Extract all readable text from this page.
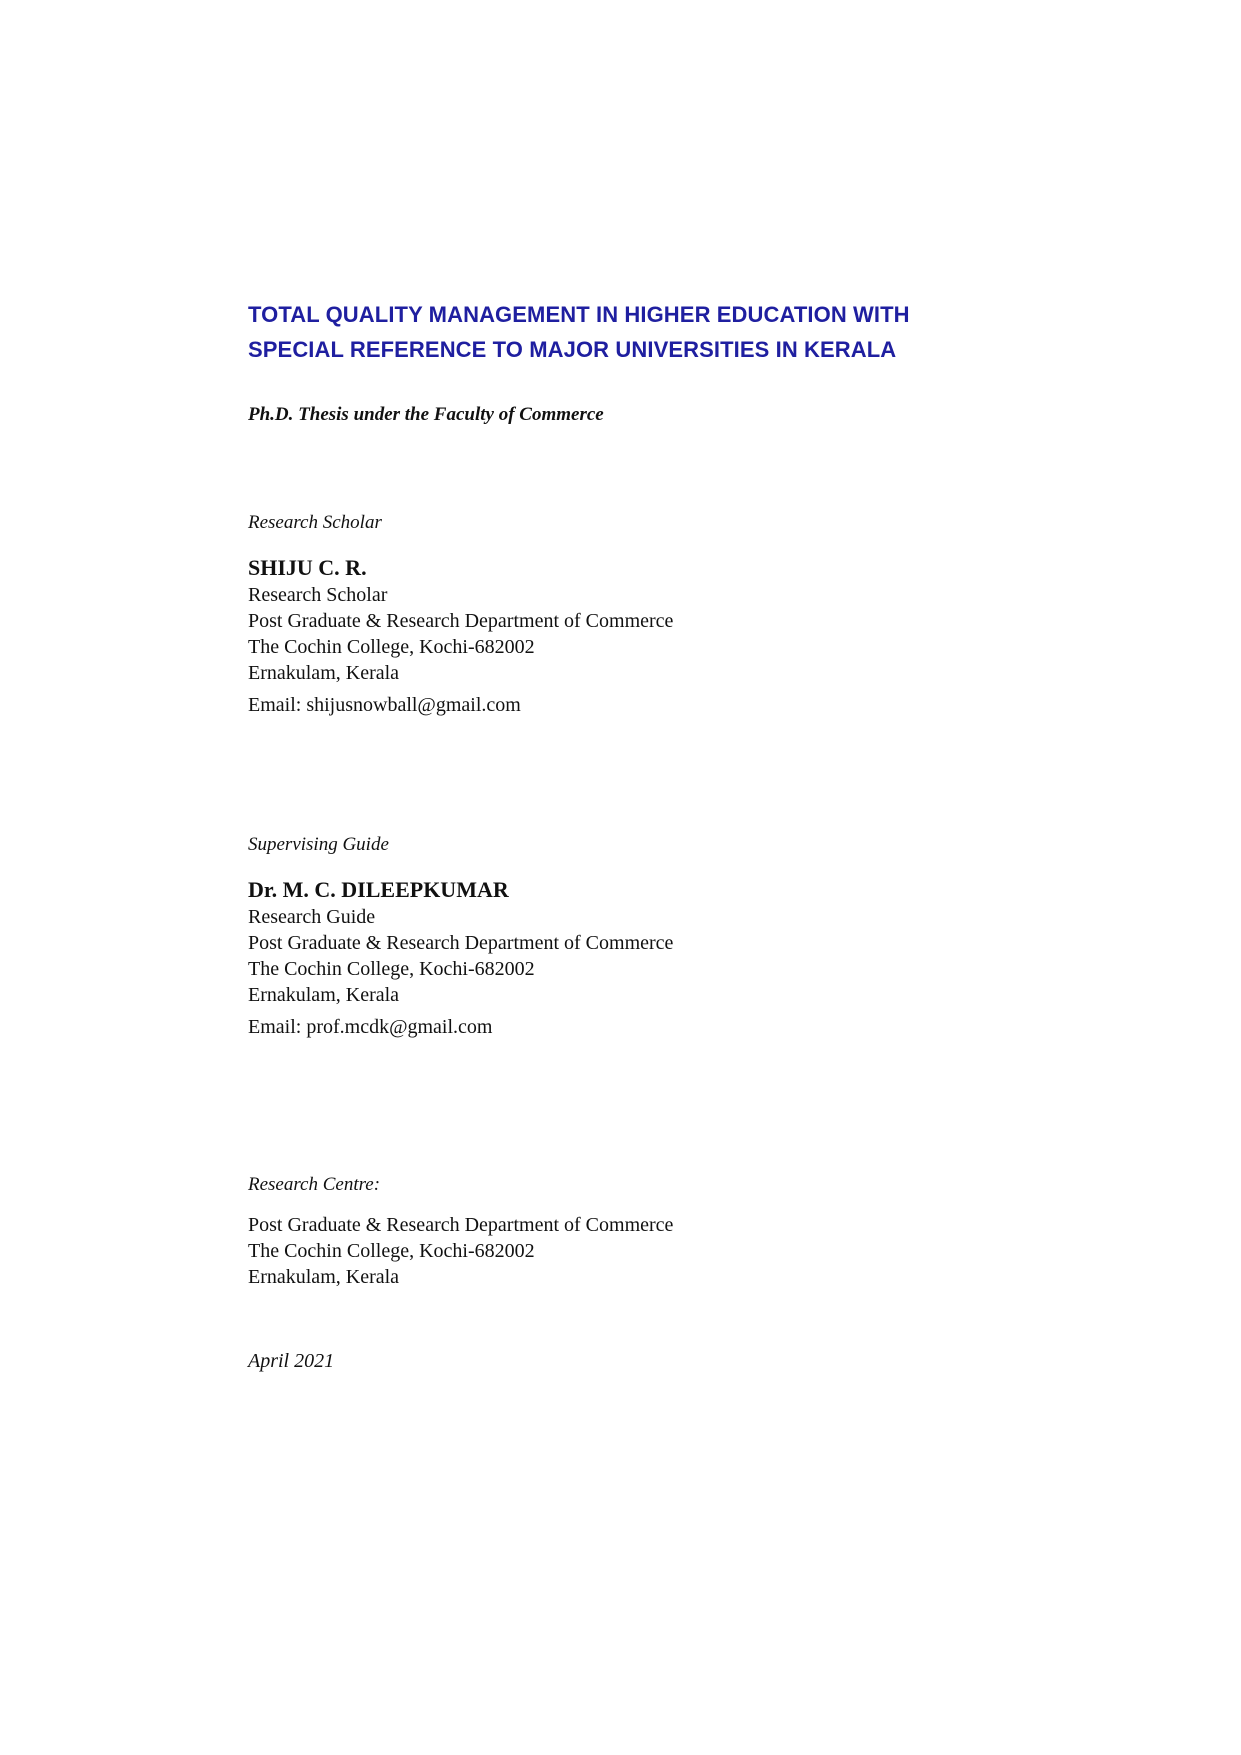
TOTAL QUALITY MANAGEMENT IN HIGHER EDUCATION WITH
SPECIAL REFERENCE TO MAJOR UNIVERSITIES IN KERALA
Ph.D. Thesis under the Faculty of Commerce
Research Scholar
SHIJU C. R.
Research Scholar
Post Graduate & Research Department of Commerce
The Cochin College, Kochi-682002
Ernakulam, Kerala
Email: shijusnowball@gmail.com
Supervising Guide
Dr. M. C. DILEEPKUMAR
Research Guide
Post Graduate & Research Department of Commerce
The Cochin College, Kochi-682002
Ernakulam, Kerala
Email: prof.mcdk@gmail.com
Research Centre:
Post Graduate & Research Department of Commerce
The Cochin College, Kochi-682002
Ernakulam, Kerala
April 2021
